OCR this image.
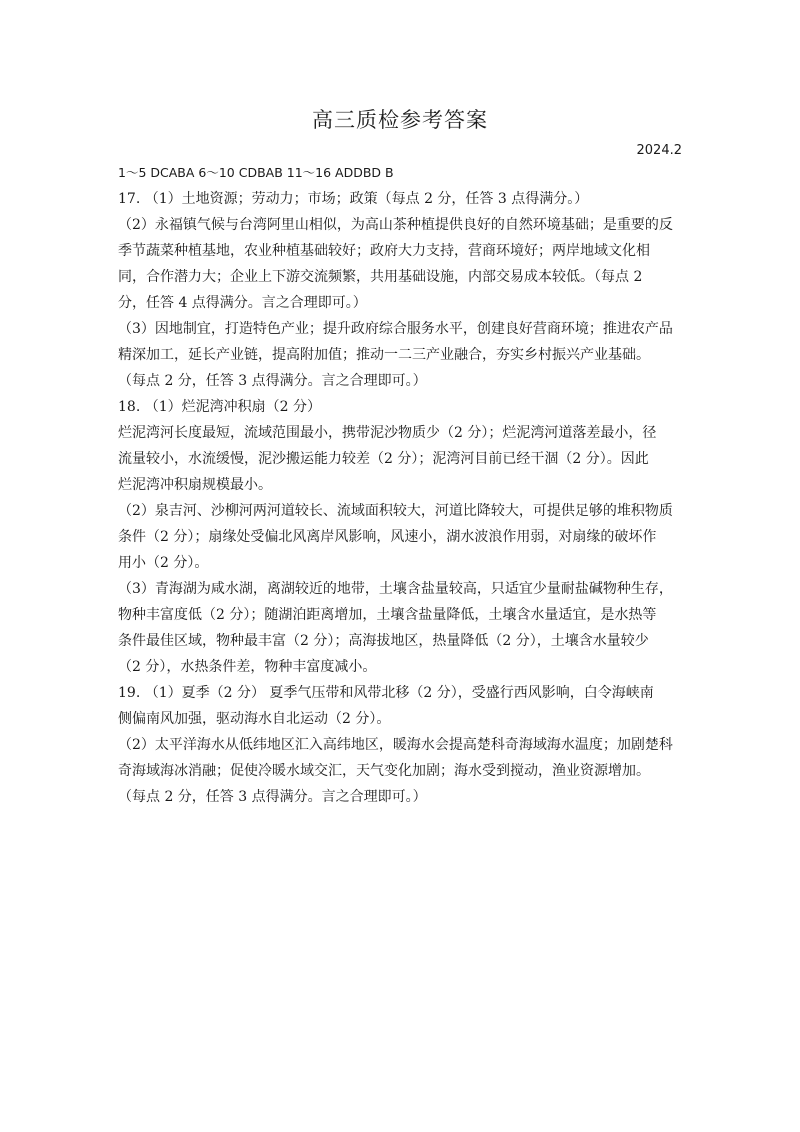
高三质检参考答案
2024.2
1～5 DCABA 6～10 CDBAB 11～16 ADDBD B
17. （1）土地资源；劳动力；市场；政策（每点 2 分，任答 3 点得满分。）
（2）永福镇气候与台湾阿里山相似，为高山茶种植提供良好的自然环境基础；是重要的反
季节蔬菜种植基地，农业种植基础较好；政府大力支持，营商环境好；两岸地域文化相
同，合作潜力大；企业上下游交流频繁，共用基础设施，内部交易成本较低。（每点 2
分，任答 4 点得满分。言之合理即可。）
（3）因地制宜，打造特色产业；提升政府综合服务水平，创建良好营商环境；推进农产品
精深加工，延长产业链，提高附加值；推动一二三产业融合，夯实乡村振兴产业基础。
（每点 2 分，任答 3 点得满分。言之合理即可。）
18. （1）烂泥湾冲积扇（2 分）
烂泥湾河长度最短，流域范围最小，携带泥沙物质少（2 分）；烂泥湾河道落差最小，径
流量较小，水流缓慢，泥沙搬运能力较差（2 分）；泥湾河目前已经干涸（2 分）。因此
烂泥湾冲积扇规模最小。
（2）泉吉河、沙柳河两河道较长、流域面积较大，河道比降较大，可提供足够的堆积物质
条件（2 分）；扇缘处受偏北风离岸风影响，风速小，湖水波浪作用弱，对扇缘的破坏作
用小（2 分）。
（3）青海湖为咸水湖，离湖较近的地带，土壤含盐量较高，只适宜少量耐盐碱物种生存，
物种丰富度低（2 分）；随湖泊距离增加，土壤含盐量降低，土壤含水量适宜，是水热等
条件最佳区域，物种最丰富（2 分）；高海拔地区，热量降低（2 分），土壤含水量较少
（2 分），水热条件差，物种丰富度减小。
19. （1）夏季（2 分） 夏季气压带和风带北移（2 分），受盛行西风影响，白令海峡南
侧偏南风加强，驱动海水自北运动（2 分）。
（2）太平洋海水从低纬地区汇入高纬地区，暖海水会提高楚科奇海域海水温度；加剧楚科
奇海域海冰消融；促使冷暖水域交汇，天气变化加剧；海水受到搅动，渔业资源增加。
（每点 2 分，任答 3 点得满分。言之合理即可。）
